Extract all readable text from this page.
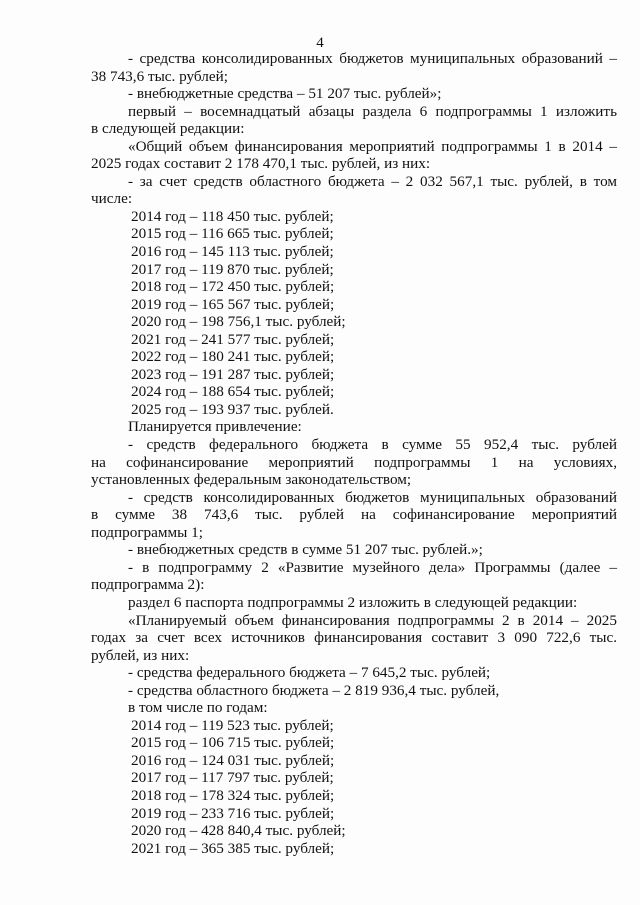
4
- средства консолидированных бюджетов муниципальных образований –
38 743,6 тыс. рублей;
- внебюджетные средства – 51 207 тыс. рублей»;
первый – восемнадцатый абзацы раздела 6 подпрограммы 1 изложить
в следующей редакции:
«Общий объем финансирования мероприятий подпрограммы 1 в 2014 –
2025 годах составит 2 178 470,1 тыс. рублей, из них:
- за счет средств областного бюджета – 2 032 567,1 тыс. рублей, в том
числе:
2014 год – 118 450 тыс. рублей;
2015 год – 116 665 тыс. рублей;
2016 год – 145 113 тыс. рублей;
2017 год – 119 870 тыс. рублей;
2018 год – 172 450 тыс. рублей;
2019 год – 165 567 тыс. рублей;
2020 год – 198 756,1 тыс. рублей;
2021 год – 241 577 тыс. рублей;
2022 год – 180 241 тыс. рублей;
2023 год – 191 287 тыс. рублей;
2024 год – 188 654 тыс. рублей;
2025 год – 193 937 тыс. рублей.
Планируется привлечение:
- средств федерального бюджета в сумме 55 952,4 тыс. рублей
на софинансирование мероприятий подпрограммы 1 на условиях,
установленных федеральным законодательством;
- средств консолидированных бюджетов муниципальных образований
в сумме 38 743,6 тыс. рублей на софинансирование мероприятий
подпрограммы 1;
- внебюджетных средств в сумме 51 207 тыс. рублей.»;
- в подпрограмму 2 «Развитие музейного дела» Программы (далее –
подпрограмма 2):
раздел 6 паспорта подпрограммы 2 изложить в следующей редакции:
«Планируемый объем финансирования подпрограммы 2 в 2014 – 2025
годах за счет всех источников финансирования составит 3 090 722,6 тыс.
рублей, из них:
- средства федерального бюджета – 7 645,2 тыс. рублей;
- средства областного бюджета – 2 819 936,4 тыс. рублей,
в том числе по годам:
2014 год – 119 523 тыс. рублей;
2015 год – 106 715 тыс. рублей;
2016 год – 124 031 тыс. рублей;
2017 год – 117 797 тыс. рублей;
2018 год – 178 324 тыс. рублей;
2019 год – 233 716 тыс. рублей;
2020 год – 428 840,4 тыс. рублей;
2021 год – 365 385 тыс. рублей;
